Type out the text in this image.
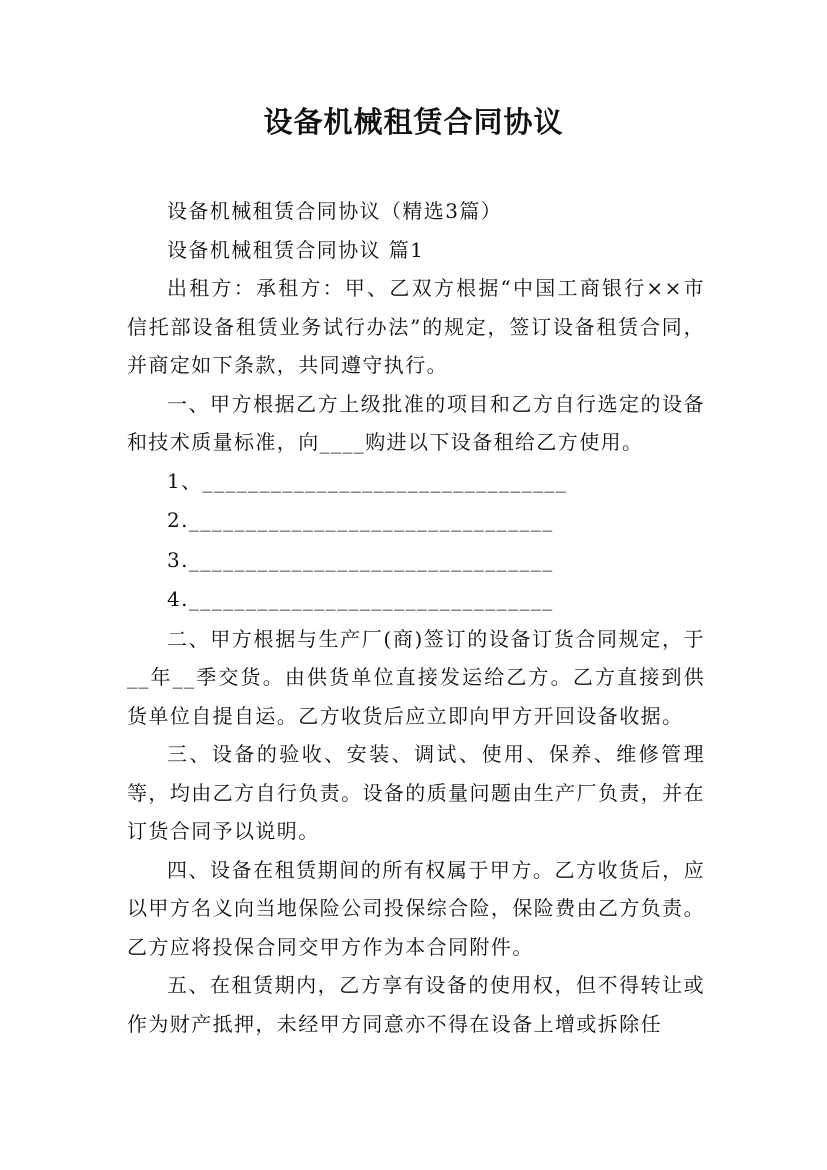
设备机械租赁合同协议

设备机械租赁合同协议（精选3篇）

设备机械租赁合同协议 篇1

出租方：承租方：甲、乙双方根据“中国工商银行××市信托部设备租赁业务试行办法”的规定，签订设备租赁合同，并商定如下条款，共同遵守执行。

一、甲方根据乙方上级批准的项目和乙方自行选定的设备和技术质量标准，向____购进以下设备租给乙方使用。

1、________________________________

2.________________________________

3.________________________________

4.________________________________

二、甲方根据与生产厂(商)签订的设备订货合同规定，于__年__季交货。由供货单位直接发运给乙方。乙方直接到供货单位自提自运。乙方收货后应立即向甲方开回设备收据。

三、设备的验收、安装、调试、使用、保养、维修管理等，均由乙方自行负责。设备的质量问题由生产厂负责，并在订货合同予以说明。

四、设备在租赁期间的所有权属于甲方。乙方收货后，应以甲方名义向当地保险公司投保综合险，保险费由乙方负责。乙方应将投保合同交甲方作为本合同附件。

五、在租赁期内，乙方享有设备的使用权，但不得转让或作为财产抵押，未经甲方同意亦不得在设备上增或拆除任
